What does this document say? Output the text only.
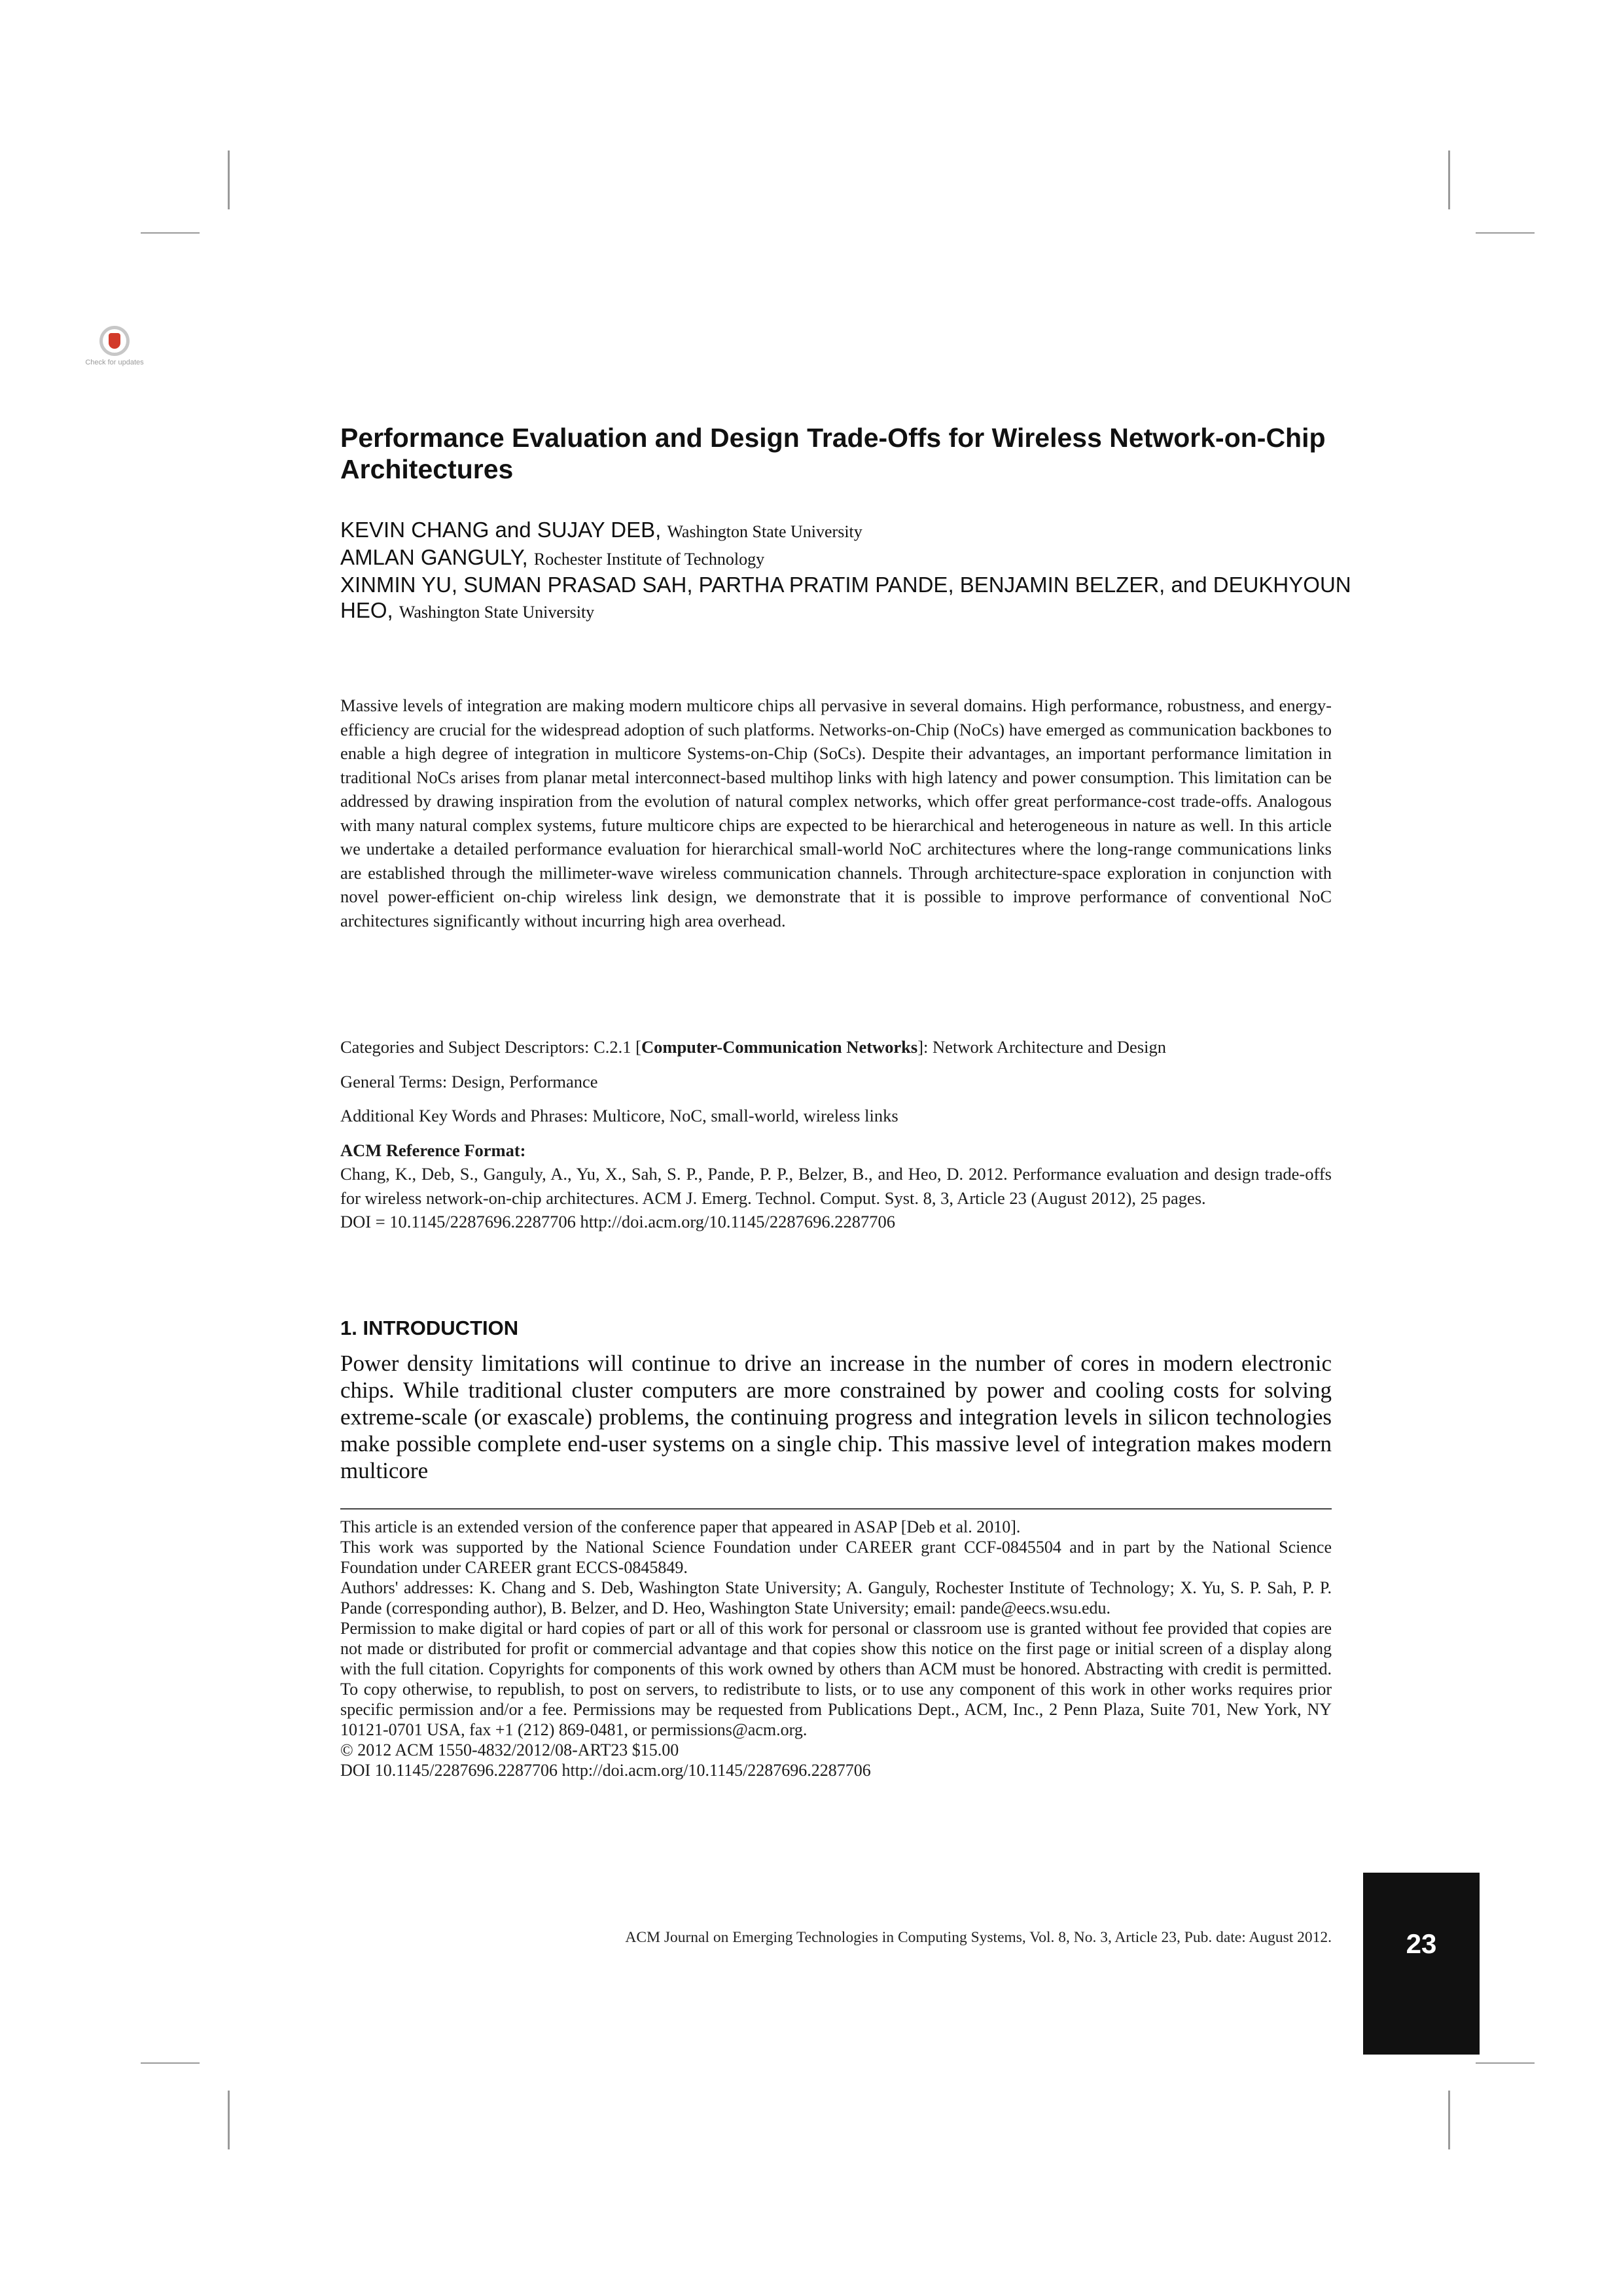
Check for updates
Performance Evaluation and Design Trade-Offs for Wireless Network-on-Chip Architectures
KEVIN CHANG and SUJAY DEB, Washington State University
AMLAN GANGULY, Rochester Institute of Technology
XINMIN YU, SUMAN PRASAD SAH, PARTHA PRATIM PANDE, BENJAMIN BELZER, and DEUKHYOUN HEO, Washington State University
Massive levels of integration are making modern multicore chips all pervasive in several domains. High performance, robustness, and energy-efficiency are crucial for the widespread adoption of such platforms. Networks-on-Chip (NoCs) have emerged as communication backbones to enable a high degree of integration in multicore Systems-on-Chip (SoCs). Despite their advantages, an important performance limitation in traditional NoCs arises from planar metal interconnect-based multihop links with high latency and power consumption. This limitation can be addressed by drawing inspiration from the evolution of natural complex networks, which offer great performance-cost trade-offs. Analogous with many natural complex systems, future multicore chips are expected to be hierarchical and heterogeneous in nature as well. In this article we undertake a detailed performance evaluation for hierarchical small-world NoC architectures where the long-range communications links are established through the millimeter-wave wireless communication channels. Through architecture-space exploration in conjunction with novel power-efficient on-chip wireless link design, we demonstrate that it is possible to improve performance of conventional NoC architectures significantly without incurring high area overhead.

Categories and Subject Descriptors: C.2.1 [Computer-Communication Networks]: Network Architecture and Design

General Terms: Design, Performance

Additional Key Words and Phrases: Multicore, NoC, small-world, wireless links

ACM Reference Format:
Chang, K., Deb, S., Ganguly, A., Yu, X., Sah, S. P., Pande, P. P., Belzer, B., and Heo, D. 2012. Performance evaluation and design trade-offs for wireless network-on-chip architectures. ACM J. Emerg. Technol. Comput. Syst. 8, 3, Article 23 (August 2012), 25 pages.
DOI = 10.1145/2287696.2287706 http://doi.acm.org/10.1145/2287696.2287706
1. INTRODUCTION
Power density limitations will continue to drive an increase in the number of cores in modern electronic chips. While traditional cluster computers are more constrained by power and cooling costs for solving extreme-scale (or exascale) problems, the continuing progress and integration levels in silicon technologies make possible complete end-user systems on a single chip. This massive level of integration makes modern multicore
This article is an extended version of the conference paper that appeared in ASAP [Deb et al. 2010].
This work was supported by the National Science Foundation under CAREER grant CCF-0845504 and in part by the National Science Foundation under CAREER grant ECCS-0845849.
Authors' addresses: K. Chang and S. Deb, Washington State University; A. Ganguly, Rochester Institute of Technology; X. Yu, S. P. Sah, P. P. Pande (corresponding author), B. Belzer, and D. Heo, Washington State University; email: pande@eecs.wsu.edu.
Permission to make digital or hard copies of part or all of this work for personal or classroom use is granted without fee provided that copies are not made or distributed for profit or commercial advantage and that copies show this notice on the first page or initial screen of a display along with the full citation. Copyrights for components of this work owned by others than ACM must be honored. Abstracting with credit is permitted. To copy otherwise, to republish, to post on servers, to redistribute to lists, or to use any component of this work in other works requires prior specific permission and/or a fee. Permissions may be requested from Publications Dept., ACM, Inc., 2 Penn Plaza, Suite 701, New York, NY 10121-0701 USA, fax +1 (212) 869-0481, or permissions@acm.org.
© 2012 ACM 1550-4832/2012/08-ART23 $15.00
DOI 10.1145/2287696.2287706 http://doi.acm.org/10.1145/2287696.2287706
ACM Journal on Emerging Technologies in Computing Systems, Vol. 8, No. 3, Article 23, Pub. date: August 2012.	23
